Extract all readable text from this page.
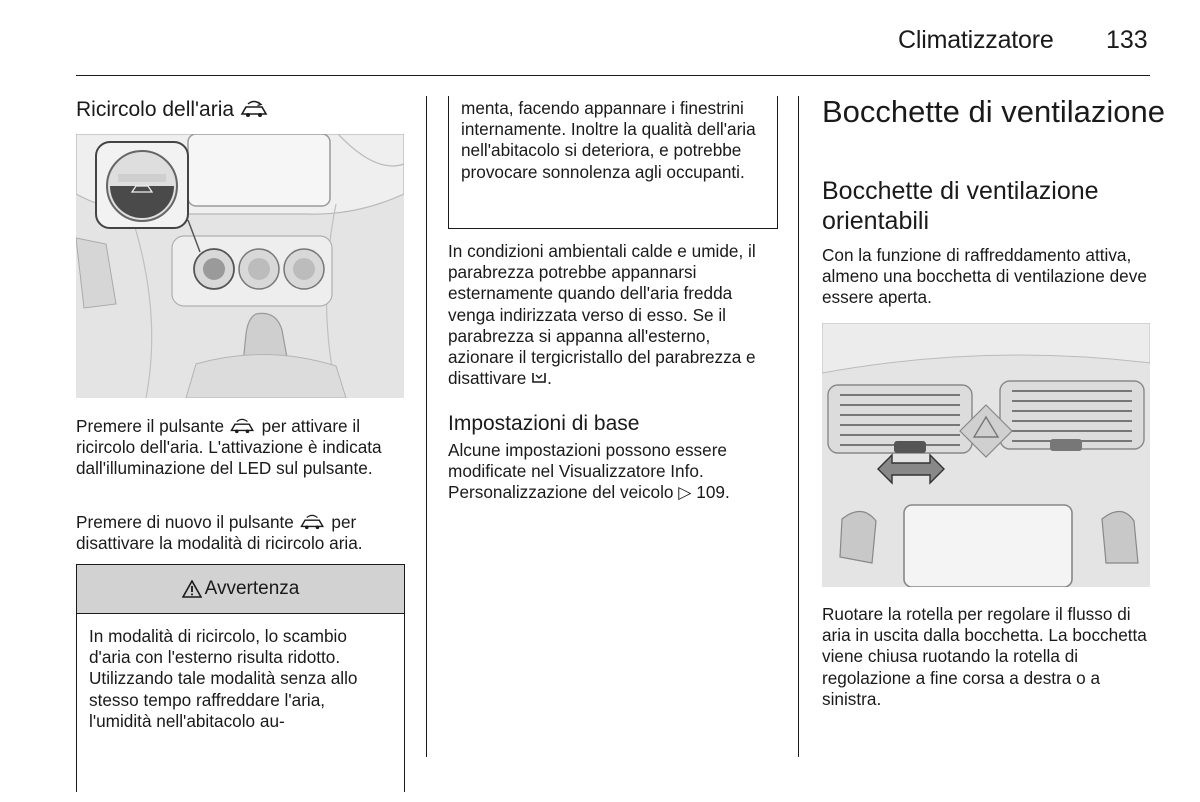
Climatizzatore 133
Ricircolo dell'aria

Premere il pulsante  per attivare il ricircolo dell'aria. L'attivazione è indicata dall'illuminazione del LED sul pulsante.

Premere di nuovo il pulsante  per disattivare la modalità di ricircolo aria.

Avvertenza
In modalità di ricircolo, lo scambio d'aria con l'esterno risulta ridotto. Utilizzando tale modalità senza allo stesso tempo raffreddare l'aria, l'umidità nell'abitacolo au-

menta, facendo appannare i finestrini internamente. Inoltre la qualità dell'aria nell'abitacolo si deteriora, e potrebbe provocare sonnolenza agli occupanti.

In condizioni ambientali calde e umide, il parabrezza potrebbe appannarsi esternamente quando dell'aria fredda venga indirizzata verso di esso. Se il parabrezza si appanna all'esterno, azionare il tergicristallo del parabrezza e disattivare .

Impostazioni di base

Alcune impostazioni possono essere modificate nel Visualizzatore Info. Personalizzazione del veicolo ▷ 109.

Bocchette di ventilazione
Bocchette di ventilazione orientabili

Con la funzione di raffreddamento attiva, almeno una bocchetta di ventilazione deve essere aperta.

Ruotare la rotella per regolare il flusso di aria in uscita dalla bocchetta. La bocchetta viene chiusa ruotando la rotella di regolazione a fine corsa a destra o a sinistra.
